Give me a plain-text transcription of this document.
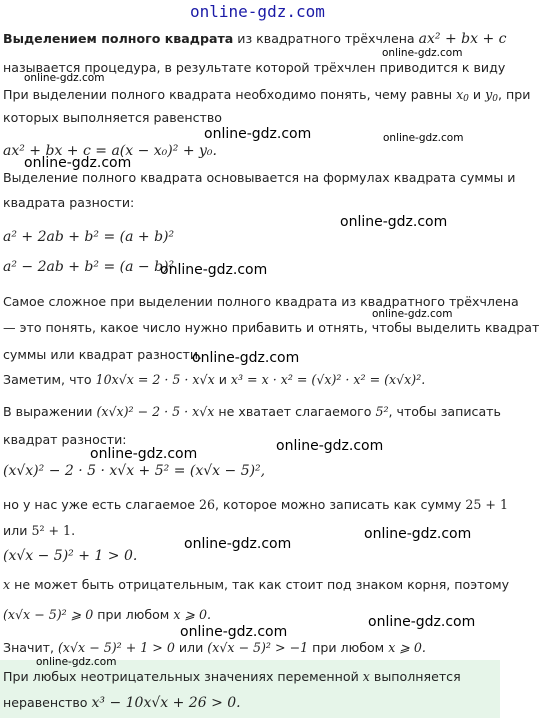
online-gdz.com
Выделением полного квадрата из квадратного трёхчлена ax² + bx + c
online-gdz.com
называется процедура, в результате которой трёхчлен приводится к виду
online-gdz.com
При выделении полного квадрата необходимо понять, чему равны $x_0$ и $y_0$, при
которых выполняется равенство
online-gdz.com	online-gdz.com
ax² + bx + c = a(x − x₀)² + y₀.
online-gdz.com
Выделение полного квадрата основывается на формулах квадрата суммы и
квадрата разности:
a² + 2ab + b² = (a + b)²
online-gdz.com
a² − 2ab + b² = (a − b)²
online-gdz.com
Самое сложное при выделении полного квадрата из квадратного трёхчлена
online-gdz.com
— это понять, какое число нужно прибавить и отнять, чтобы выделить квадрат
суммы или квадрат разности.
online-gdz.com
Заметим, что 10x√x = 2 · 5 · x√x и x³ = x · x² = (√x)² · x² = (x√x)².
В выражении (x√x)² − 2 · 5 · x√x не хватает слагаемого 5², чтобы записать
квадрат разности:	online-gdz.com
online-gdz.com
(x√x)² − 2 · 5 · x√x + 5² = (x√x − 5)²,
но у нас уже есть слагаемое 26, которое можно записать как сумму 25 + 1
или 5² + 1.	online-gdz.com
online-gdz.com
(x√x − 5)² + 1 > 0.
x не может быть отрицательным, так как стоит под знаком корня, поэтому
(x√x − 5)² ⩾ 0 при любом x ⩾ 0.	online-gdz.com
online-gdz.com
Значит, (x√x − 5)² + 1 > 0 или (x√x − 5)² > −1 при любом x ⩾ 0.
online-gdz.com
При любых неотрицательных значениях переменной x выполняется
неравенство x³ − 10x√x + 26 > 0.
